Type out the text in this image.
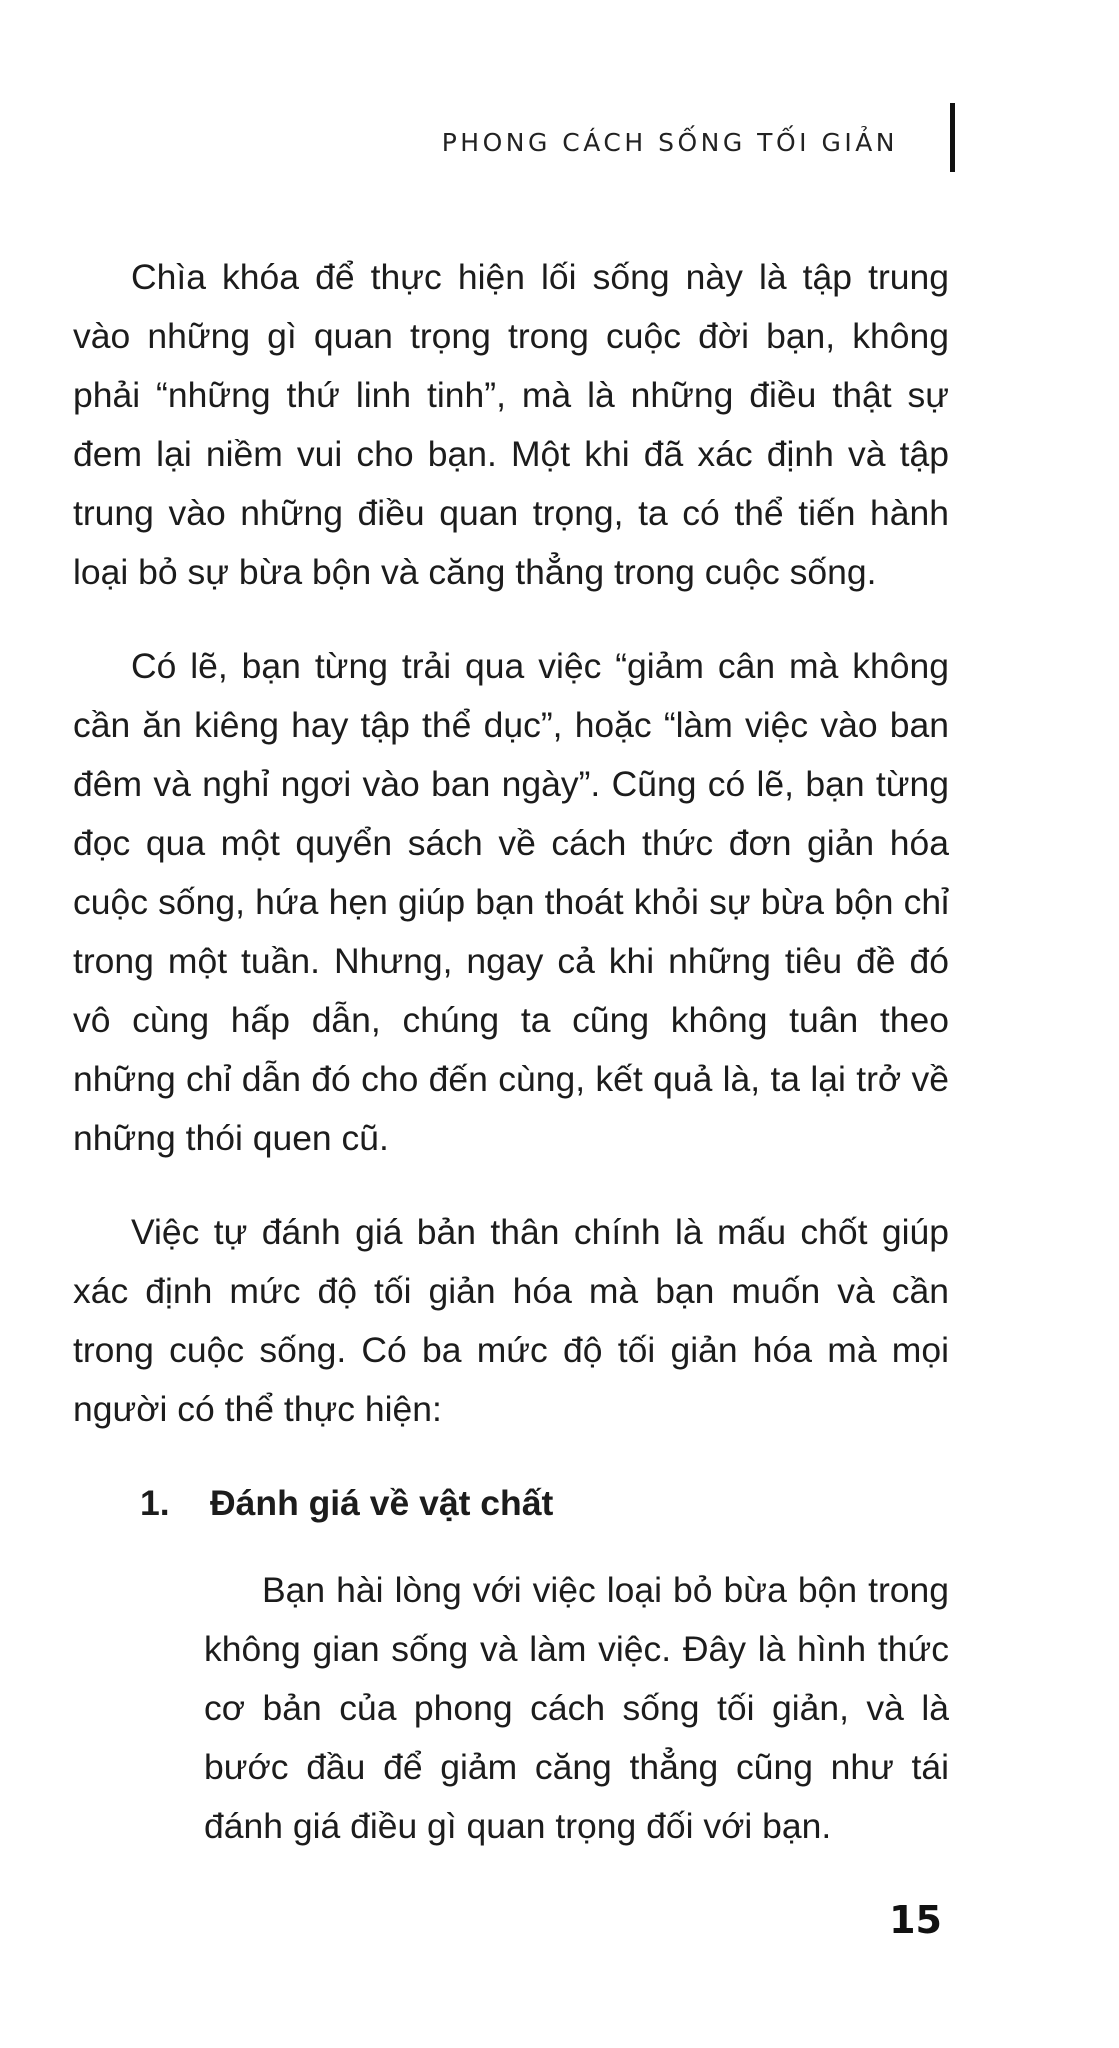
PHONG CÁCH SỐNG TỐI GIẢN

Chìa khóa để thực hiện lối sống này là tập trung vào những gì quan trọng trong cuộc đời bạn, không phải “những thứ linh tinh”, mà là những điều thật sự đem lại niềm vui cho bạn. Một khi đã xác định và tập trung vào những điều quan trọng, ta có thể tiến hành loại bỏ sự bừa bộn và căng thẳng trong cuộc sống.

Có lẽ, bạn từng trải qua việc “giảm cân mà không cần ăn kiêng hay tập thể dục”, hoặc “làm việc vào ban đêm và nghỉ ngơi vào ban ngày”. Cũng có lẽ, bạn từng đọc qua một quyển sách về cách thức đơn giản hóa cuộc sống, hứa hẹn giúp bạn thoát khỏi sự bừa bộn chỉ trong một tuần. Nhưng, ngay cả khi những tiêu đề đó vô cùng hấp dẫn, chúng ta cũng không tuân theo những chỉ dẫn đó cho đến cùng, kết quả là, ta lại trở về những thói quen cũ.

Việc tự đánh giá bản thân chính là mấu chốt giúp xác định mức độ tối giản hóa mà bạn muốn và cần trong cuộc sống. Có ba mức độ tối giản hóa mà mọi người có thể thực hiện:

1.	Đánh giá về vật chất

Bạn hài lòng với việc loại bỏ bừa bộn trong không gian sống và làm việc. Đây là hình thức cơ bản của phong cách sống tối giản, và là bước đầu để giảm căng thẳng cũng như tái đánh giá điều gì quan trọng đối với bạn.

15
